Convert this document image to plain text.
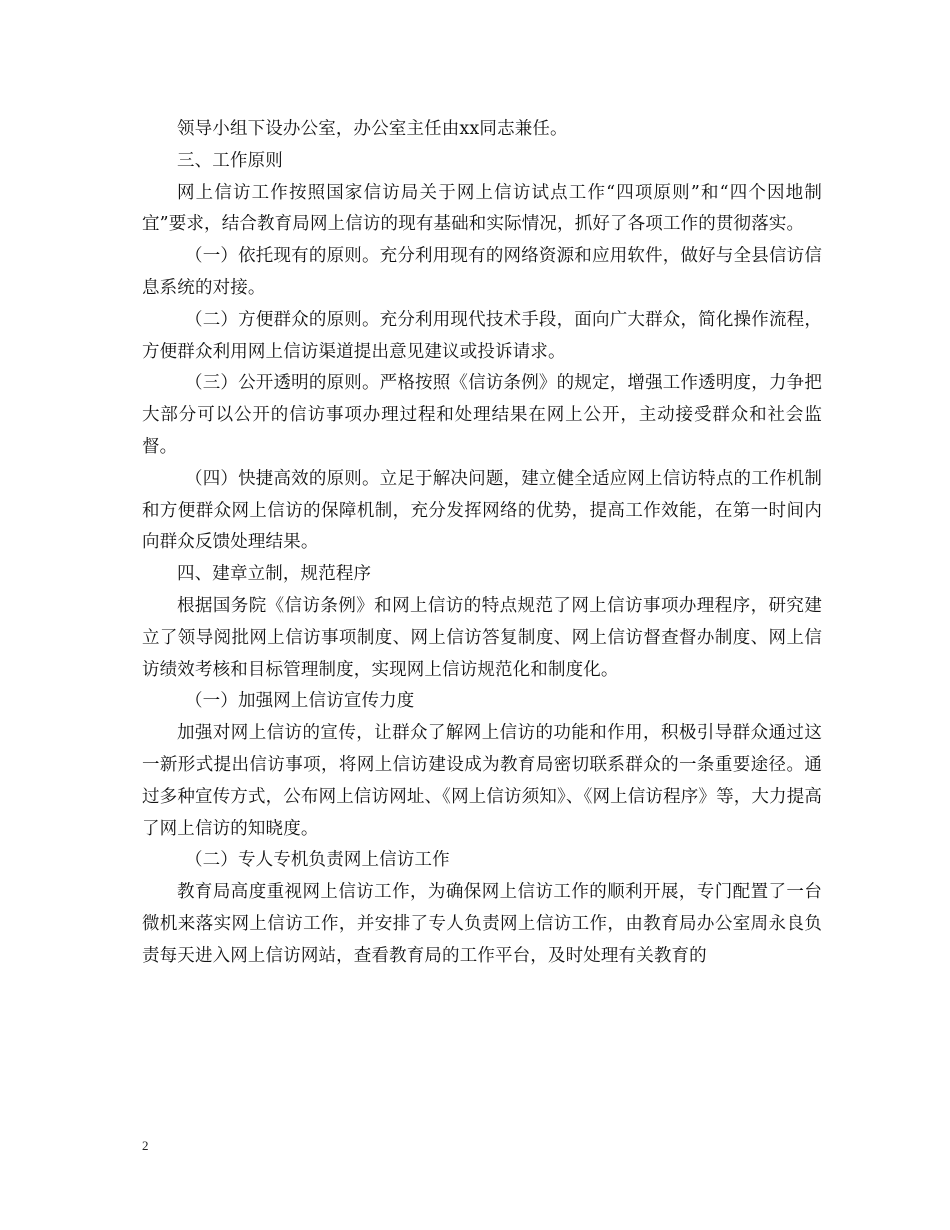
领导小组下设办公室，办公室主任由xx同志兼任。

三、工作原则

网上信访工作按照国家信访局关于网上信访试点工作“四项原则”和“四个因地制宜”要求，结合教育局网上信访的现有基础和实际情况，抓好了各项工作的贯彻落实。

（一）依托现有的原则。充分利用现有的网络资源和应用软件，做好与全县信访信息系统的对接。

（二）方便群众的原则。充分利用现代技术手段，面向广大群众，简化操作流程，方便群众利用网上信访渠道提出意见建议或投诉请求。

（三）公开透明的原则。严格按照《信访条例》的规定，增强工作透明度，力争把大部分可以公开的信访事项办理过程和处理结果在网上公开，主动接受群众和社会监督。

（四）快捷高效的原则。立足于解决问题，建立健全适应网上信访特点的工作机制和方便群众网上信访的保障机制，充分发挥网络的优势，提高工作效能，在第一时间内向群众反馈处理结果。

四、建章立制，规范程序

根据国务院《信访条例》和网上信访的特点规范了网上信访事项办理程序，研究建立了领导阅批网上信访事项制度、网上信访答复制度、网上信访督查督办制度、网上信访绩效考核和目标管理制度，实现网上信访规范化和制度化。

（一）加强网上信访宣传力度

加强对网上信访的宣传，让群众了解网上信访的功能和作用，积极引导群众通过这一新形式提出信访事项，将网上信访建设成为教育局密切联系群众的一条重要途径。通过多种宣传方式，公布网上信访网址、《网上信访须知》、《网上信访程序》等，大力提高了网上信访的知晓度。

（二）专人专机负责网上信访工作

教育局高度重视网上信访工作，为确保网上信访工作的顺利开展，专门配置了一台微机来落实网上信访工作，并安排了专人负责网上信访工作，由教育局办公室周永良负责每天进入网上信访网站，查看教育局的工作平台，及时处理有关教育的

2
